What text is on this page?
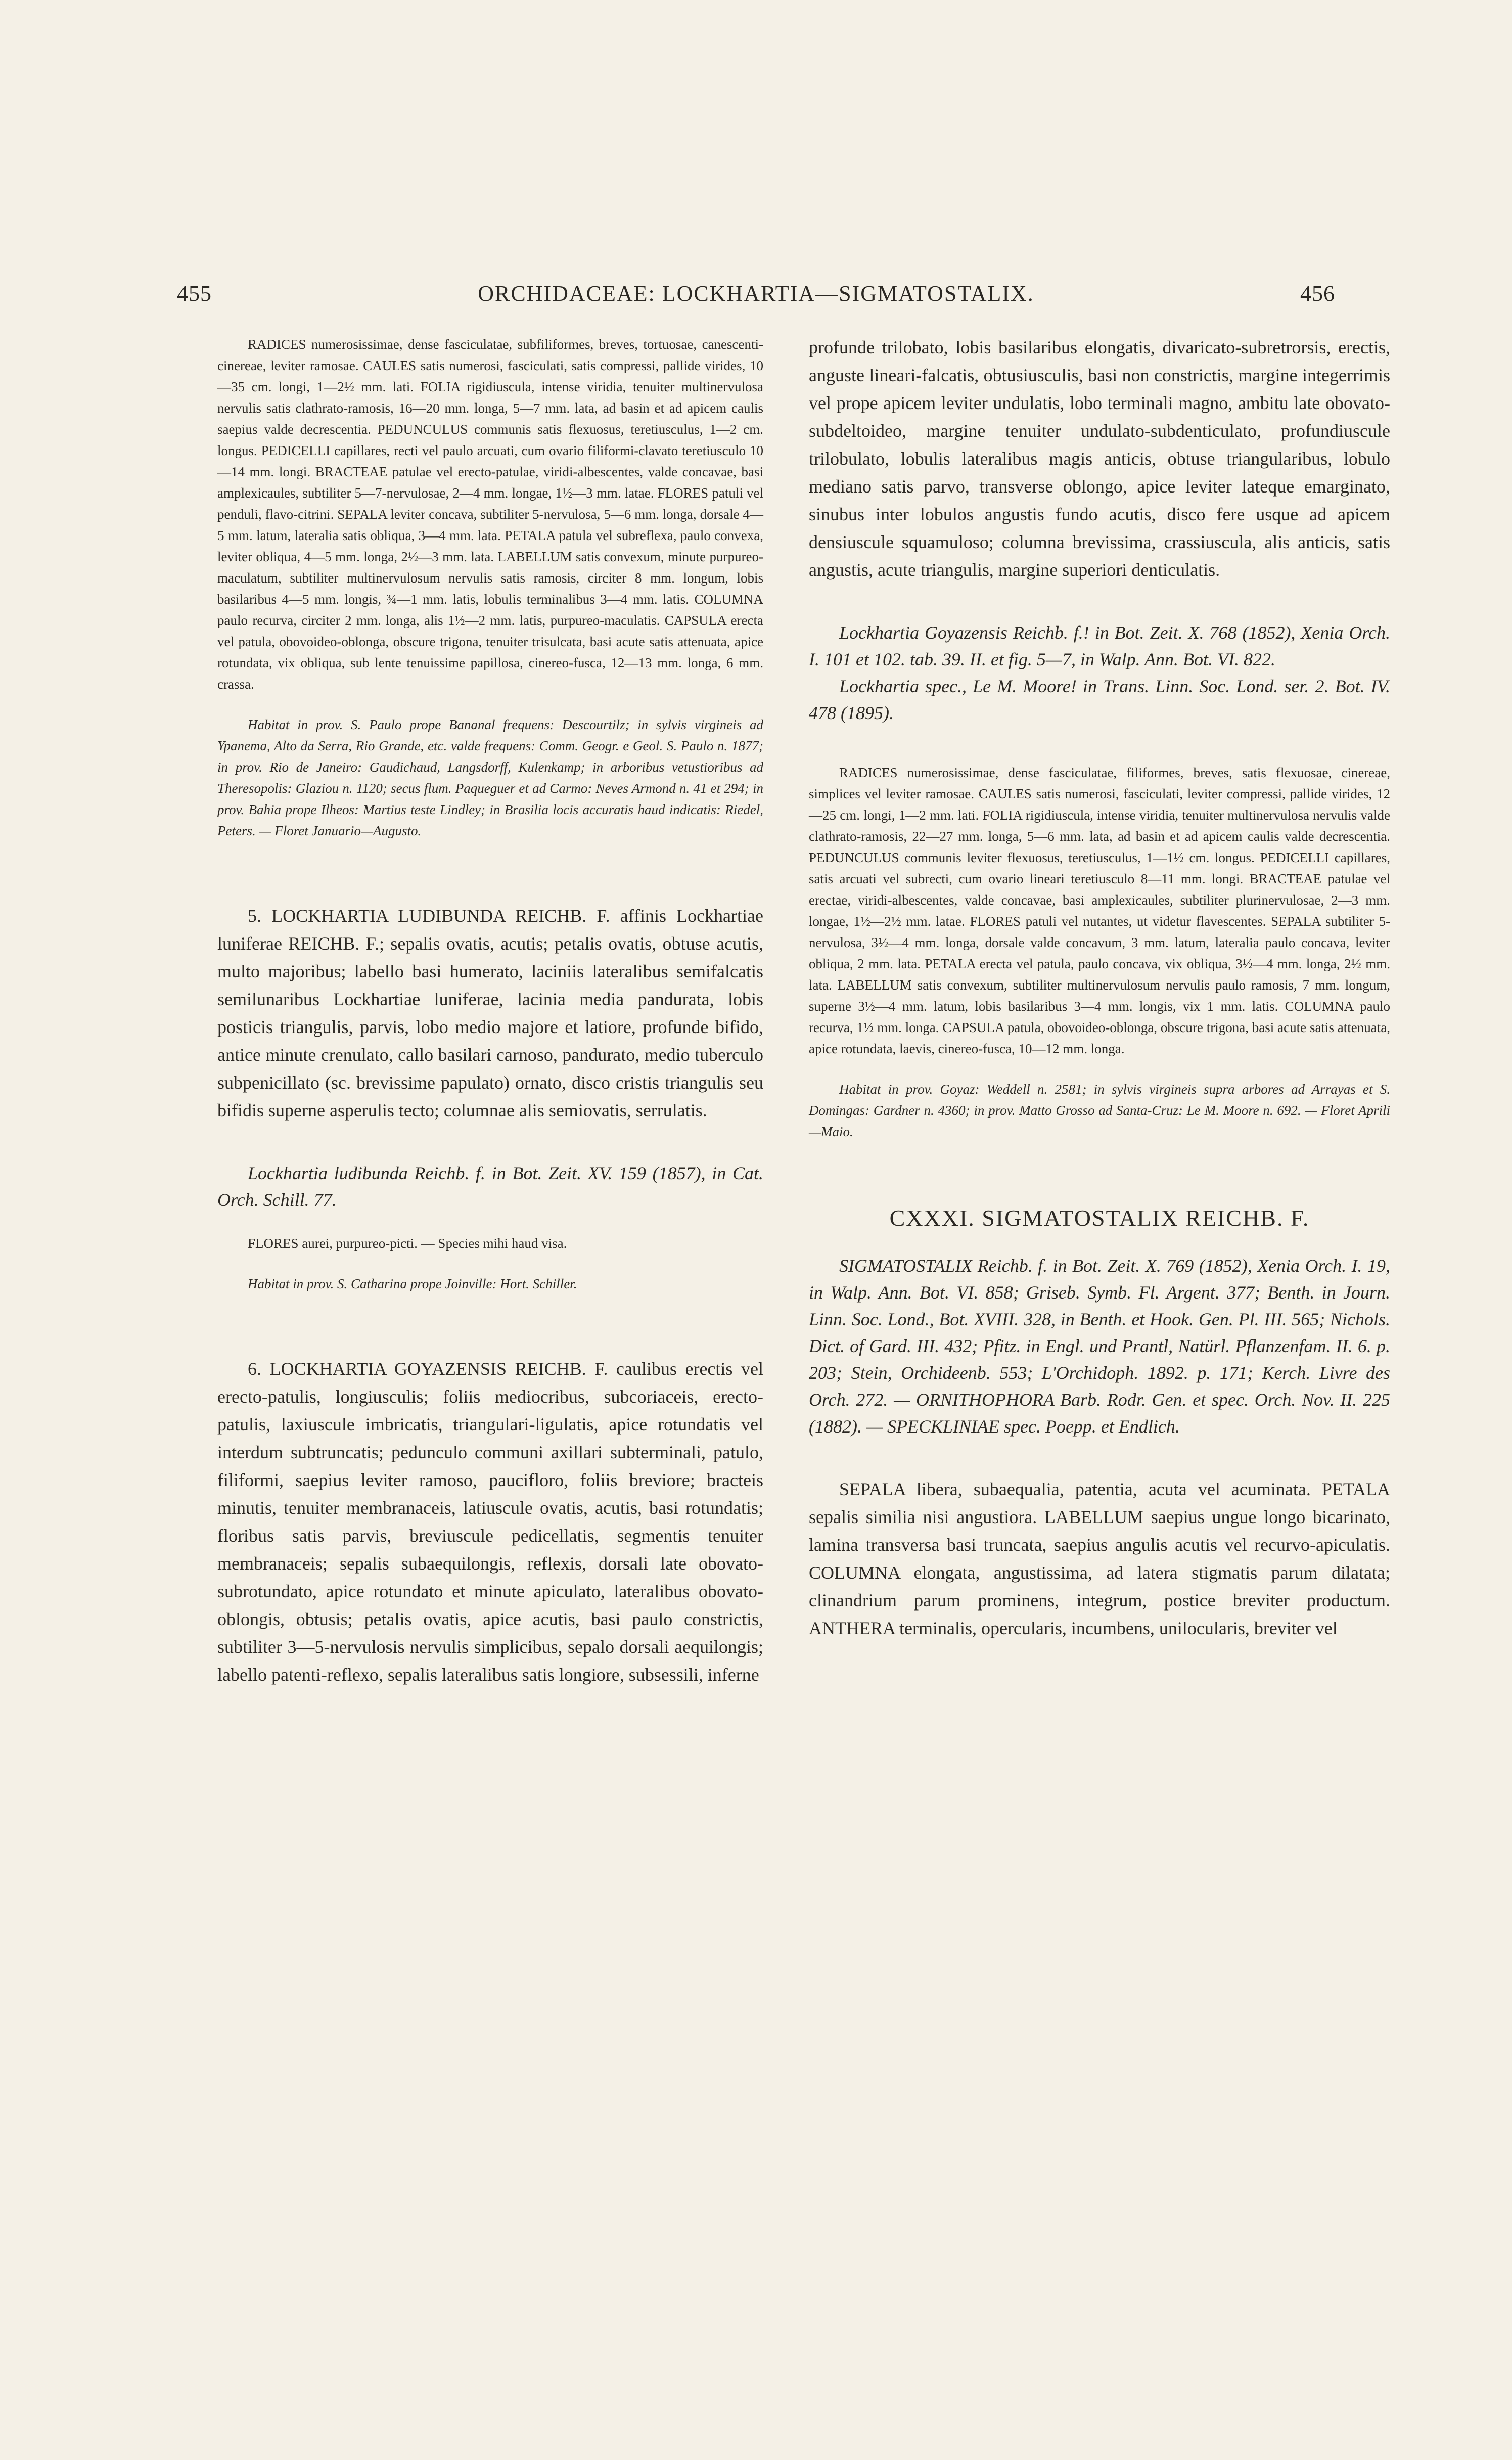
455	ORCHIDACEAE: LOCKHARTIA—SIGMATOSTALIX.	456

RADICES numerosissimae, dense fasciculatae, subfiliformes, breves, tortuosae, canescenti-cinereae, leviter ramosae. CAULES satis numerosi, fasciculati, satis compressi, pallide virides, 10—35 cm. longi, 1—2½ mm. lati. FOLIA rigidiuscula, intense viridia, tenuiter multinervulosa nervulis satis clathrato-ramosis, 16—20 mm. longa, 5—7 mm. lata, ad basin et ad apicem caulis saepius valde decrescentia. PEDUNCULUS communis satis flexuosus, teretiusculus, 1—2 cm. longus. PEDICELLI capillares, recti vel paulo arcuati, cum ovario filiformi-clavato teretiusculo 10—14 mm. longi. BRACTEAE patulae vel erecto-patulae, viridi-albescentes, valde concavae, basi amplexicaules, subtiliter 5—7-nervulosae, 2—4 mm. longae, 1½—3 mm. latae. FLORES patuli vel penduli, flavo-citrini. SEPALA leviter concava, subtiliter 5-nervulosa, 5—6 mm. longa, dorsale 4—5 mm. latum, lateralia satis obliqua, 3—4 mm. lata. PETALA patula vel subreflexa, paulo convexa, leviter obliqua, 4—5 mm. longa, 2½—3 mm. lata. LABELLUM satis convexum, minute purpureo-maculatum, subtiliter multinervulosum nervulis satis ramosis, circiter 8 mm. longum, lobis basilaribus 4—5 mm. longis, ¾—1 mm. latis, lobulis terminalibus 3—4 mm. latis. COLUMNA paulo recurva, circiter 2 mm. longa, alis 1½—2 mm. latis, purpureo-maculatis. CAPSULA erecta vel patula, obovoideo-oblonga, obscure trigona, tenuiter trisulcata, basi acute satis attenuata, apice rotundata, vix obliqua, sub lente tenuissime papillosa, cinereo-fusca, 12—13 mm. longa, 6 mm. crassa.

Habitat in prov. S. Paulo prope Bananal frequens: Descourtilz; in sylvis virgineis ad Ypanema, Alto da Serra, Rio Grande, etc. valde frequens: Comm. Geogr. e Geol. S. Paulo n. 1877; in prov. Rio de Janeiro: Gaudichaud, Langsdorff, Kulenkamp; in arboribus vetustioribus ad Theresopolis: Glaziou n. 1120; secus flum. Paqueguer et ad Carmo: Neves Armond n. 41 et 294; in prov. Bahia prope Ilheos: Martius teste Lindley; in Brasilia locis accuratis haud indicatis: Riedel, Peters. — Floret Januario—Augusto.

5. LOCKHARTIA LUDIBUNDA REICHB. F. affinis Lockhartiae luniferae REICHB. F.; sepalis ovatis, acutis; petalis ovatis, obtuse acutis, multo majoribus; labello basi humerato, laciniis lateralibus semifalcatis semilunaribus Lockhartiae luniferae, lacinia media pandurata, lobis posticis triangulis, parvis, lobo medio majore et latiore, profunde bifido, antice minute crenulato, callo basilari carnoso, pandurato, medio tuberculo subpenicillato (sc. brevissime papulato) ornato, disco cristis triangulis seu bifidis superne asperulis tecto; columnae alis semiovatis, serrulatis.

Lockhartia ludibunda Reichb. f. in Bot. Zeit. XV. 159 (1857), in Cat. Orch. Schill. 77.

FLORES aurei, purpureo-picti. — Species mihi haud visa.

Habitat in prov. S. Catharina prope Joinville: Hort. Schiller.

6. LOCKHARTIA GOYAZENSIS REICHB. F. caulibus erectis vel erecto-patulis, longiusculis; foliis mediocribus, subcoriaceis, erecto-patulis, laxiuscule imbricatis, triangulari-ligulatis, apice rotundatis vel interdum subtruncatis; pedunculo communi axillari subterminali, patulo, filiformi, saepius leviter ramoso, paucifloro, foliis breviore; bracteis minutis, tenuiter membranaceis, latiuscule ovatis, acutis, basi rotundatis; floribus satis parvis, breviuscule pedicellatis, segmentis tenuiter membranaceis; sepalis subaequilongis, reflexis, dorsali late obovato-subrotundato, apice rotundato et minute apiculato, lateralibus obovato-oblongis, obtusis; petalis ovatis, apice acutis, basi paulo constrictis, subtiliter 3—5-nervulosis nervulis simplicibus, sepalo dorsali aequilongis; labello patenti-reflexo, sepalis lateralibus satis longiore, subsessili, inferne

profunde trilobato, lobis basilaribus elongatis, divaricato-subretrorsis, erectis, anguste lineari-falcatis, obtusiusculis, basi non constrictis, margine integerrimis vel prope apicem leviter undulatis, lobo terminali magno, ambitu late obovato-subdeltoideo, margine tenuiter undulato-subdenticulato, profundiuscule trilobulato, lobulis lateralibus magis anticis, obtuse triangularibus, lobulo mediano satis parvo, transverse oblongo, apice leviter lateque emarginato, sinubus inter lobulos angustis fundo acutis, disco fere usque ad apicem densiuscule squamuloso; columna brevissima, crassiuscula, alis anticis, satis angustis, acute triangulis, margine superiori denticulatis.

Lockhartia Goyazensis Reichb. f.! in Bot. Zeit. X. 768 (1852), Xenia Orch. I. 101 et 102. tab. 39. II. et fig. 5—7, in Walp. Ann. Bot. VI. 822.

Lockhartia spec., Le M. Moore! in Trans. Linn. Soc. Lond. ser. 2. Bot. IV. 478 (1895).

RADICES numerosissimae, dense fasciculatae, filiformes, breves, satis flexuosae, cinereae, simplices vel leviter ramosae. CAULES satis numerosi, fasciculati, leviter compressi, pallide virides, 12—25 cm. longi, 1—2 mm. lati. FOLIA rigidiuscula, intense viridia, tenuiter multinervulosa nervulis valde clathrato-ramosis, 22—27 mm. longa, 5—6 mm. lata, ad basin et ad apicem caulis valde decrescentia. PEDUNCULUS communis leviter flexuosus, teretiusculus, 1—1½ cm. longus. PEDICELLI capillares, satis arcuati vel subrecti, cum ovario lineari teretiusculo 8—11 mm. longi. BRACTEAE patulae vel erectae, viridi-albescentes, valde concavae, basi amplexicaules, subtiliter plurinervulosae, 2—3 mm. longae, 1½—2½ mm. latae. FLORES patuli vel nutantes, ut videtur flavescentes. SEPALA subtiliter 5-nervulosa, 3½—4 mm. longa, dorsale valde concavum, 3 mm. latum, lateralia paulo concava, leviter obliqua, 2 mm. lata. PETALA erecta vel patula, paulo concava, vix obliqua, 3½—4 mm. longa, 2½ mm. lata. LABELLUM satis convexum, subtiliter multinervulosum nervulis paulo ramosis, 7 mm. longum, superne 3½—4 mm. latum, lobis basilaribus 3—4 mm. longis, vix 1 mm. latis. COLUMNA paulo recurva, 1½ mm. longa. CAPSULA patula, obovoideo-oblonga, obscure trigona, basi acute satis attenuata, apice rotundata, laevis, cinereo-fusca, 10—12 mm. longa.

Habitat in prov. Goyaz: Weddell n. 2581; in sylvis virgineis supra arbores ad Arrayas et S. Domingas: Gardner n. 4360; in prov. Matto Grosso ad Santa-Cruz: Le M. Moore n. 692. — Floret Aprili—Maio.

CXXXI. SIGMATOSTALIX REICHB. F.

SIGMATOSTALIX Reichb. f. in Bot. Zeit. X. 769 (1852), Xenia Orch. I. 19, in Walp. Ann. Bot. VI. 858; Griseb. Symb. Fl. Argent. 377; Benth. in Journ. Linn. Soc. Lond., Bot. XVIII. 328, in Benth. et Hook. Gen. Pl. III. 565; Nichols. Dict. of Gard. III. 432; Pfitz. in Engl. und Prantl, Natürl. Pflanzenfam. II. 6. p. 203; Stein, Orchideenb. 553; L'Orchidoph. 1892. p. 171; Kerch. Livre des Orch. 272. — ORNITHOPHORA Barb. Rodr. Gen. et spec. Orch. Nov. II. 225 (1882). — SPECKLINIAE spec. Poepp. et Endlich.

SEPALA libera, subaequalia, patentia, acuta vel acuminata. PETALA sepalis similia nisi angustiora. LABELLUM saepius ungue longo bicarinato, lamina transversa basi truncata, saepius angulis acutis vel recurvo-apiculatis. COLUMNA elongata, angustissima, ad latera stigmatis parum dilatata; clinandrium parum prominens, integrum, postice breviter productum. ANTHERA terminalis, opercularis, incumbens, unilocularis, breviter vel
